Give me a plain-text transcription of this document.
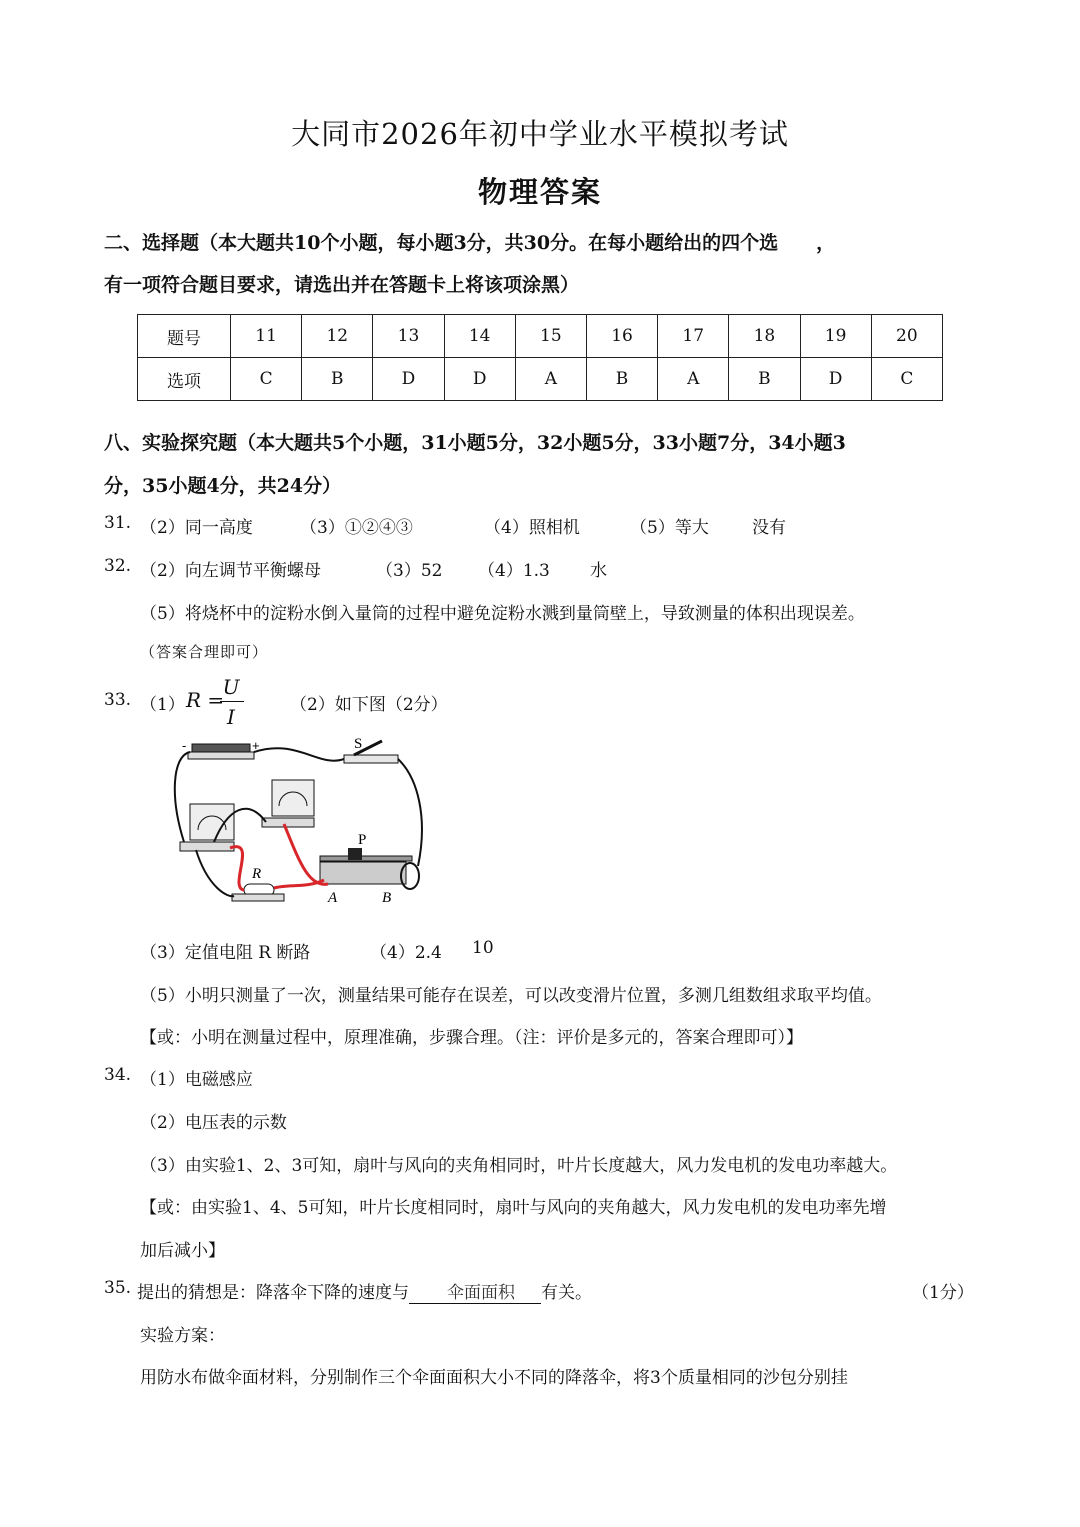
大同市2026年初中学业水平模拟考试
物理答案
二、选择题（本大题共10个小题，每小题3分，共30分。在每小题给出的四个选　　，
有一项符合题目要求，请选出并在答题卡上将该项涂黑）
题号	11	12	13	14	15	16	17	18	19	20
选项	C	B	D	D	A	B	A	B	D	C
八、实验探究题（本大题共5个小题，31小题5分，32小题5分，33小题7分，34小题3
分，35小题4分，共24分）
31. （2）同一高度	（3）①②④③	（4）照相机	（5）等大	没有
32. （2）向左调节平衡螺母	（3）52 （4）1.3 水
（5）将烧杯中的淀粉水倒入量筒的过程中避免淀粉水溅到量筒壁上，导致测量的体积出现误差。
（答案合理即可）
33. （1） R =
U
I	（2）如下图（2分）
-	+	S
R
P
A	B
（3）定值电阻 R 断路	（4）2.4 10
（5）小明只测量了一次，测量结果可能存在误差，可以改变滑片位置，多测几组数组求取平均值。
【或：小明在测量过程中，原理准确，步骤合理。（注：评价是多元的，答案合理即可）】
34. （1）电磁感应
（2）电压表的示数
（3）由实验1、2、3可知，扇叶与风向的夹角相同时，叶片长度越大，风力发电机的发电功率越大。
【或：由实验1、4、5可知，叶片长度相同时，扇叶与风向的夹角越大，风力发电机的发电功率先增
加后减小】
35. 提出的猜想是：降落伞下降的速度与 伞面面积 有关。	（1分）
实验方案：
用防水布做伞面材料，分别制作三个伞面面积大小不同的降落伞，将3个质量相同的沙包分别挂
